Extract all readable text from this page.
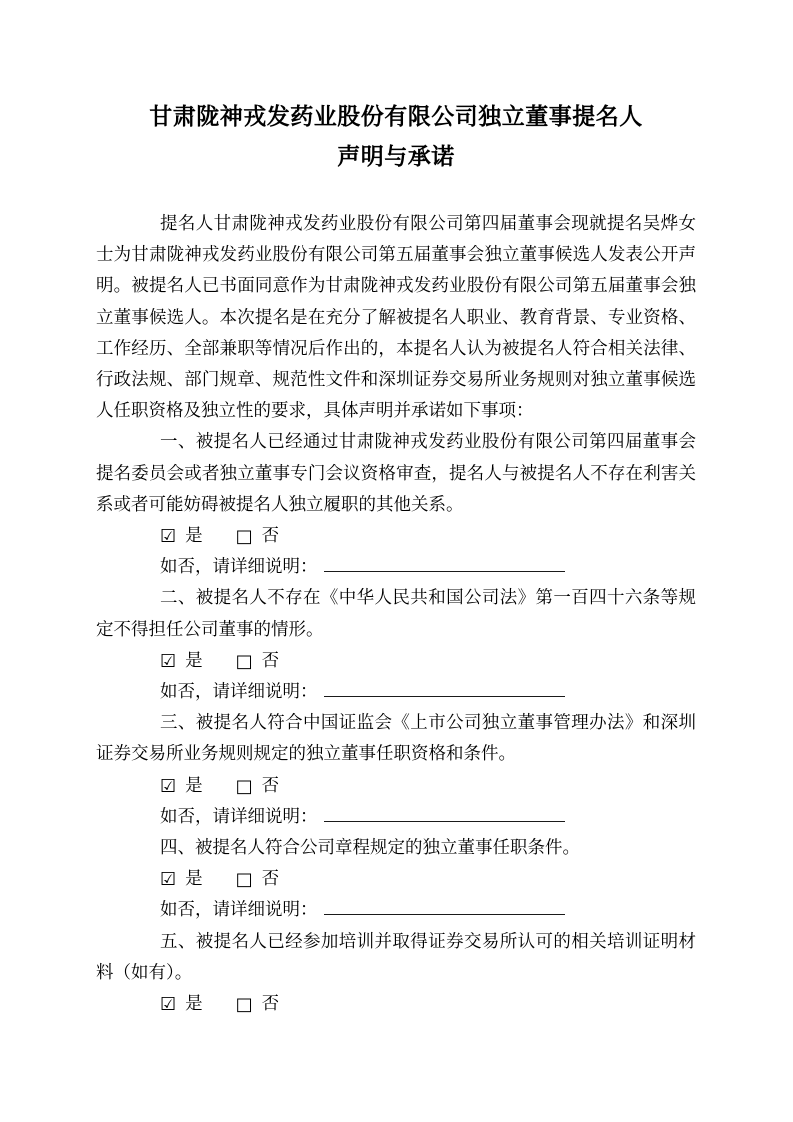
甘肃陇神戎发药业股份有限公司独立董事提名人
声明与承诺

提名人甘肃陇神戎发药业股份有限公司第四届董事会现就提名吴烨女士为甘肃陇神戎发药业股份有限公司第五届董事会独立董事候选人发表公开声明。被提名人已书面同意作为甘肃陇神戎发药业股份有限公司第五届董事会独立董事候选人。本次提名是在充分了解被提名人职业、教育背景、专业资格、工作经历、全部兼职等情况后作出的，本提名人认为被提名人符合相关法律、行政法规、部门规章、规范性文件和深圳证券交易所业务规则对独立董事候选人任职资格及独立性的要求，具体声明并承诺如下事项：

一、被提名人已经通过甘肃陇神戎发药业股份有限公司第四届董事会提名委员会或者独立董事专门会议资格审查，提名人与被提名人不存在利害关系或者可能妨碍被提名人独立履职的其他关系。

☑ 是 □ 否
如否，请详细说明：

二、被提名人不存在《中华人民共和国公司法》第一百四十六条等规定不得担任公司董事的情形。

☑ 是 □ 否
如否，请详细说明：

三、被提名人符合中国证监会《上市公司独立董事管理办法》和深圳证券交易所业务规则规定的独立董事任职资格和条件。

☑ 是 □ 否
如否，请详细说明：

四、被提名人符合公司章程规定的独立董事任职条件。

☑ 是 □ 否
如否，请详细说明：

五、被提名人已经参加培训并取得证券交易所认可的相关培训证明材料（如有）。

☑ 是 □ 否
